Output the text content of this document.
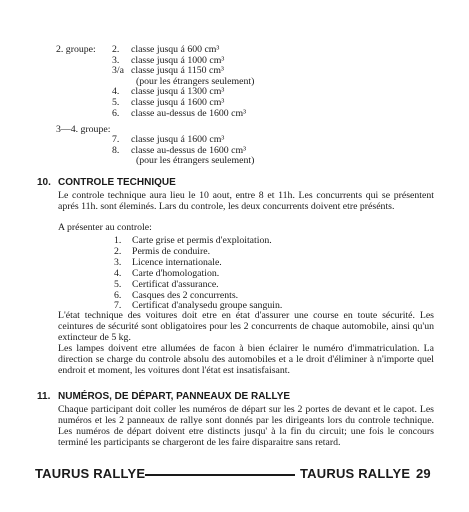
2. groupe: 2. classe jusqu á 600 cm³
3. classe jusqu á 1000 cm³
3/a classe jusqu á 1150 cm³
(pour les étrangers seulement)
4. classe jusqu á 1300 cm³
5. classe jusqu á 1600 cm³
6. classe au-dessus de 1600 cm³
3—4. groupe:
7. classe jusqu á 1600 cm³
8. classe au-dessus de 1600 cm³
(pour les étrangers seulement)
10. CONTROLE TECHNIQUE
Le controle technique aura lieu le 10 aout, entre 8 et 11h. Les concurrents qui se présentent aprés 11h. sont éleminés. Lars du controle, les deux concurrents doivent etre présénts.
A présenter au controle:
1. Carte grise et permis d'exploitation.
2. Permis de conduire.
3. Licence internationale.
4. Carte d'homologation.
5. Certificat d'assurance.
6. Casques des 2 concurrents.
7. Certificat d'analysedu groupe sanguin.
L'état technique des voitures doit etre en état d'assurer une course en toute sécurité. Les ceintures de sécurité sont obligatoires pour les 2 concurrents de chaque automobile, ainsi qu'un extincteur de 5 kg.
Les lampes doivent etre allumées de facon à bien éclairer le numéro d'immatriculation. La direction se charge du controle absolu des automobiles et a le droit d'éliminer à n'importe quel endroit et moment, les voitures dont l'état est insatisfaisant.
11. NUMÉROS, DE DÉPART, PANNEAUX DE RALLYE
Chaque participant doit coller les numéros de départ sur les 2 portes de devant et le capot. Les numéros et les 2 panneaux de rallye sont donnés par les dirigeants lors du controle technique. Les numéros de départ doivent etre distincts jusqu' à la fin du circuit; une fois le concours terminé les participants se chargeront de les faire disparaitre sans retard.
TAURUS RALLYE	TAURUS RALLYE 29
